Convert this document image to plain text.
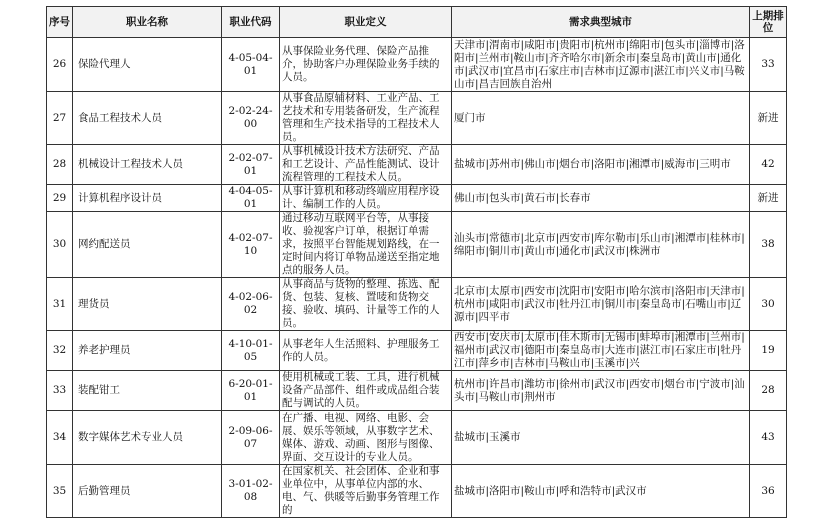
序号	职业名称	职业代码	职业定义	需求典型城市	上期排位
26	保险代理人	4-05-04-01	从事保险业务代理、保险产品推介，协助客户办理保险业务手续的人员。	天津市|渭南市|咸阳市|贵阳市|杭州市|绵阳市|包头市|淄博市|洛阳市|兰州市|鞍山市|齐齐哈尔市|新余市|秦皇岛市|黄山市|通化市|武汉市|宜昌市|石家庄市|吉林市|辽源市|湛江市|兴义市|马鞍山市|昌吉回族自治州	33
27	食品工程技术人员	2-02-24-00	从事食品原辅材料、工业产品、工艺技术和专用装备研发，生产流程管理和生产技术指导的工程技术人员。	厦门市	新进
28	机械设计工程技术人员	2-02-07-01	从事机械设计技术方法研究、产品和工艺设计、产品性能测试、设计流程管理的工程技术人员。	盐城市|苏州市|佛山市|烟台市|洛阳市|湘潭市|威海市|三明市	42
29	计算机程序设计员	4-04-05-01	从事计算机和移动终端应用程序设计、编制工作的人员。	佛山市|包头市|黄石市|长春市	新进
30	网约配送员	4-02-07-10	通过移动互联网平台等，从事接收、验视客户订单，根据订单需求，按照平台智能规划路线，在一定时间内将订单物品递送至指定地点的服务人员。	汕头市|常德市|北京市|西安市|库尔勒市|乐山市|湘潭市|桂林市|绵阳市|铜川市|黄山市|通化市|武汉市|株洲市	38
31	理货员	4-02-06-02	从事商品与货物的整理、拣选、配货、包装、复核、置唛和货物交接、验收、填码、计量等工作的人员。	北京市|太原市|西安市|沈阳市|安阳市|哈尔滨市|洛阳市|天津市|杭州市|咸阳市|武汉市|牡丹江市|铜川市|秦皇岛市|石嘴山市|辽源市|四平市	30
32	养老护理员	4-10-01-05	从事老年人生活照料、护理服务工作的人员。	西安市|安庆市|太原市|佳木斯市|无锡市|蚌埠市|湘潭市|兰州市|福州市|武汉市|德阳市|秦皇岛市|大连市|湛江市|石家庄市|牡丹江市|萍乡市|吉林市|马鞍山市|玉溪市|兴	19
33	装配钳工	6-20-01-01	使用机械或工装、工具，进行机械设备产品部件、组件或成品组合装配与调试的人员。	杭州市|许昌市|潍坊市|徐州市|武汉市|西安市|烟台市|宁波市|汕头市|马鞍山市|荆州市	28
34	数字媒体艺术专业人员	2-09-06-07	在广播、电视、网络、电影、会展、娱乐等领域，从事数字艺术、媒体、游戏、动画、图形与图像、界面、交互设计的专业人员。	盐城市|玉溪市	43
35	后勤管理员	3-01-02-08	在国家机关、社会团体、企业和事业单位中，从事单位内部的水、电、气、供暖等后勤事务管理工作的	盐城市|洛阳市|鞍山市|呼和浩特市|武汉市	36
